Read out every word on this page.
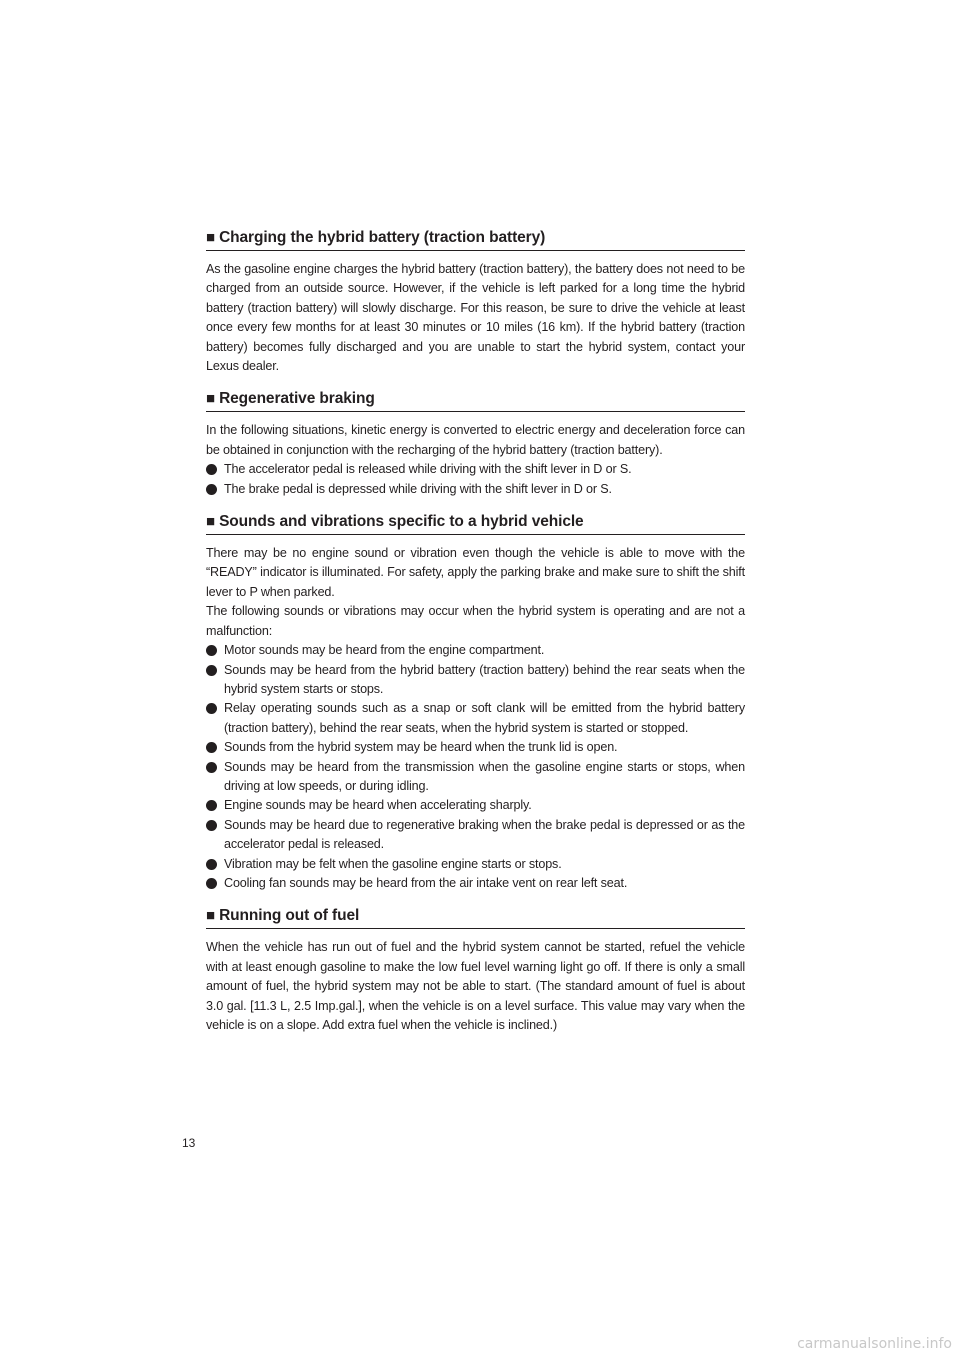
■ Charging the hybrid battery (traction battery)

As the gasoline engine charges the hybrid battery (traction battery), the battery does not need to be charged from an outside source. However, if the vehicle is left parked for a long time the hybrid battery (traction battery) will slowly discharge. For this reason, be sure to drive the vehicle at least once every few months for at least 30 minutes or 10 miles (16 km). If the hybrid battery (traction battery) becomes fully discharged and you are unable to start the hybrid system, contact your Lexus dealer.

■ Regenerative braking

In the following situations, kinetic energy is converted to electric energy and deceleration force can be obtained in conjunction with the recharging of the hybrid battery (traction battery).

The accelerator pedal is released while driving with the shift lever in D or S.
The brake pedal is depressed while driving with the shift lever in D or S.
■ Sounds and vibrations specific to a hybrid vehicle

There may be no engine sound or vibration even though the vehicle is able to move with the “READY” indicator is illuminated. For safety, apply the parking brake and make sure to shift the shift lever to P when parked.

The following sounds or vibrations may occur when the hybrid system is operating and are not a malfunction:

Motor sounds may be heard from the engine compartment.
Sounds may be heard from the hybrid battery (traction battery) behind the rear seats when the hybrid system starts or stops.
Relay operating sounds such as a snap or soft clank will be emitted from the hybrid battery (traction battery), behind the rear seats, when the hybrid system is started or stopped.
Sounds from the hybrid system may be heard when the trunk lid is open.
Sounds may be heard from the transmission when the gasoline engine starts or stops, when driving at low speeds, or during idling.
Engine sounds may be heard when accelerating sharply.
Sounds may be heard due to regenerative braking when the brake pedal is depressed or as the accelerator pedal is released.
Vibration may be felt when the gasoline engine starts or stops.
Cooling fan sounds may be heard from the air intake vent on rear left seat.
■ Running out of fuel

When the vehicle has run out of fuel and the hybrid system cannot be started, refuel the vehicle with at least enough gasoline to make the low fuel level warning light go off. If there is only a small amount of fuel, the hybrid system may not be able to start. (The standard amount of fuel is about 3.0 gal. [11.3 L, 2.5 Imp.gal.], when the vehicle is on a level surface. This value may vary when the vehicle is on a slope. Add extra fuel when the vehicle is inclined.)

13
carmanualsonline.info
